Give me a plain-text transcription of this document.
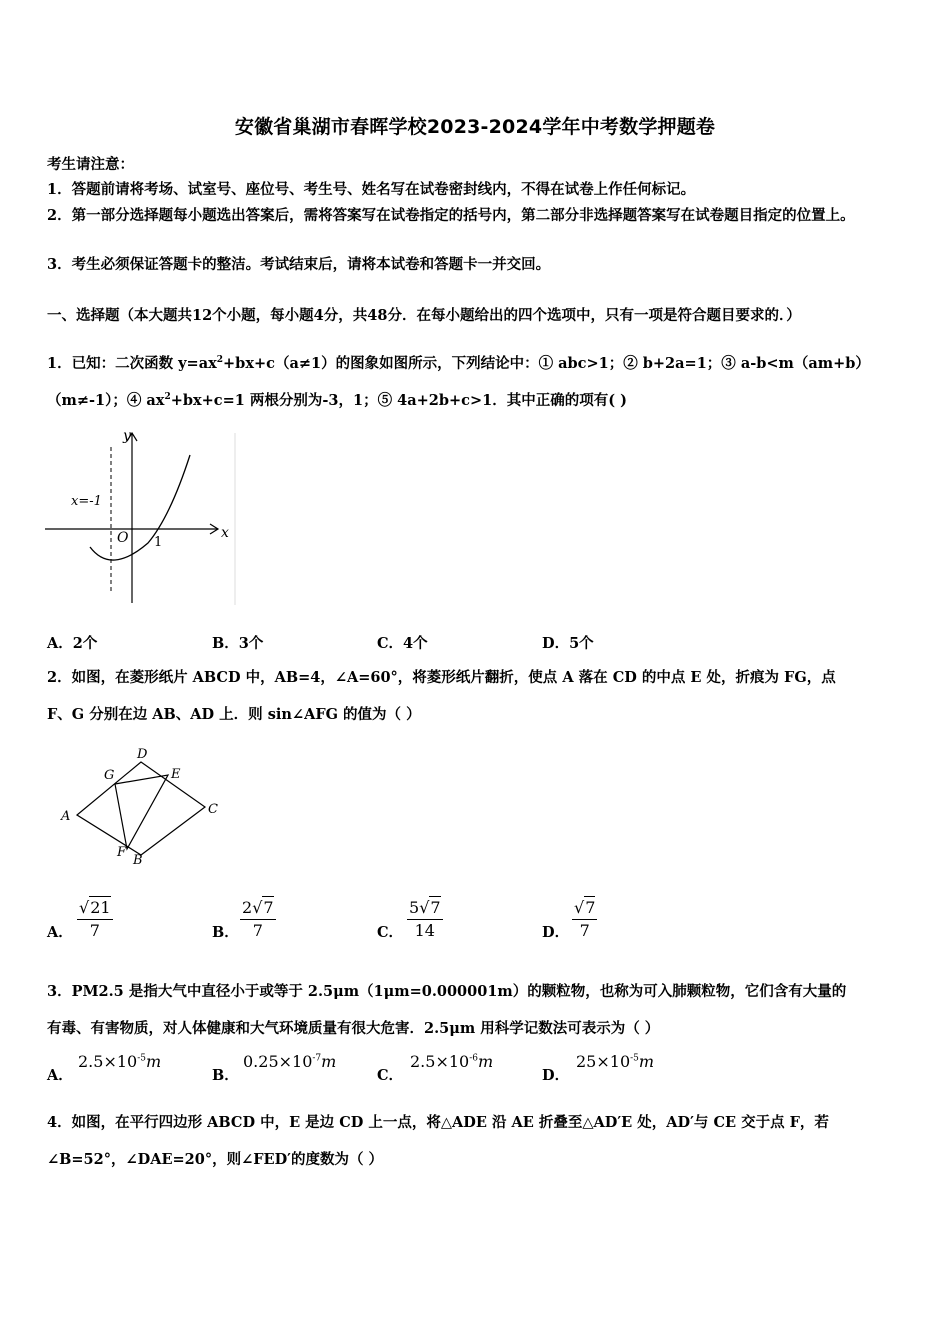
安徽省巢湖市春晖学校2023-2024学年中考数学押题卷
考生请注意：
1．答题前请将考场、试室号、座位号、考生号、姓名写在试卷密封线内，不得在试卷上作任何标记。
2．第一部分选择题每小题选出答案后，需将答案写在试卷指定的括号内，第二部分非选择题答案写在试卷题目指定的位置上。
3．考生必须保证答题卡的整洁。考试结束后，请将本试卷和答题卡一并交回。
一、选择题（本大题共12个小题，每小题4分，共48分．在每小题给出的四个选项中，只有一项是符合题目要求的．）
1．已知：二次函数 $y=ax^2+bx+c(a\ne 1)$的图象如图所示，下列结论中：① abc>1；② b+2a=1；③ a-b<m（am+b）
（m≠-1）；④ $ax^2+bx+c=1$ 两根分别为-3，1；⑤ 4a+2b+c>1．其中正确的项有( )
y
x
O 1
x=-1
A．2个	B．3个	C．4个	D．5个
2．如图，在菱形纸片 ABCD 中，AB=4，∠A=60°，将菱形纸片翻折，使点 A 落在 CD 的中点 E 处，折痕为 FG，点
F、G 分别在边 AB、AD 上．则 sin∠AFG 的值为（ ）
A
B
C
D
E
F
G
A． $\frac{√21}{7}$	B． $\frac{2√7}{7}$	C． $\frac{5√7}{14}$	D． $\frac{√7}{7}$
3．PM2.5 是指大气中直径小于或等于 2.5μm（1μm=0.000001m）的颗粒物，也称为可入肺颗粒物，它们含有大量的
有毒、有害物质，对人体健康和大气环境质量有很大危害．2.5μm 用科学记数法可表示为（ ）
A．
$2.5\times 10^{-5}m$
B．
$0.25\times 10^{-7}m$
C．
$2.5\times 10^{-6}m$
D．
$25\times 10^{-5}m$
4．如图，在平行四边形 ABCD 中，E 是边 CD 上一点，将△ADE 沿 AE 折叠至△AD′E 处，AD′与 CE 交于点 F，若
∠B=52°，∠DAE=20°，则∠FED′的度数为（ ）
